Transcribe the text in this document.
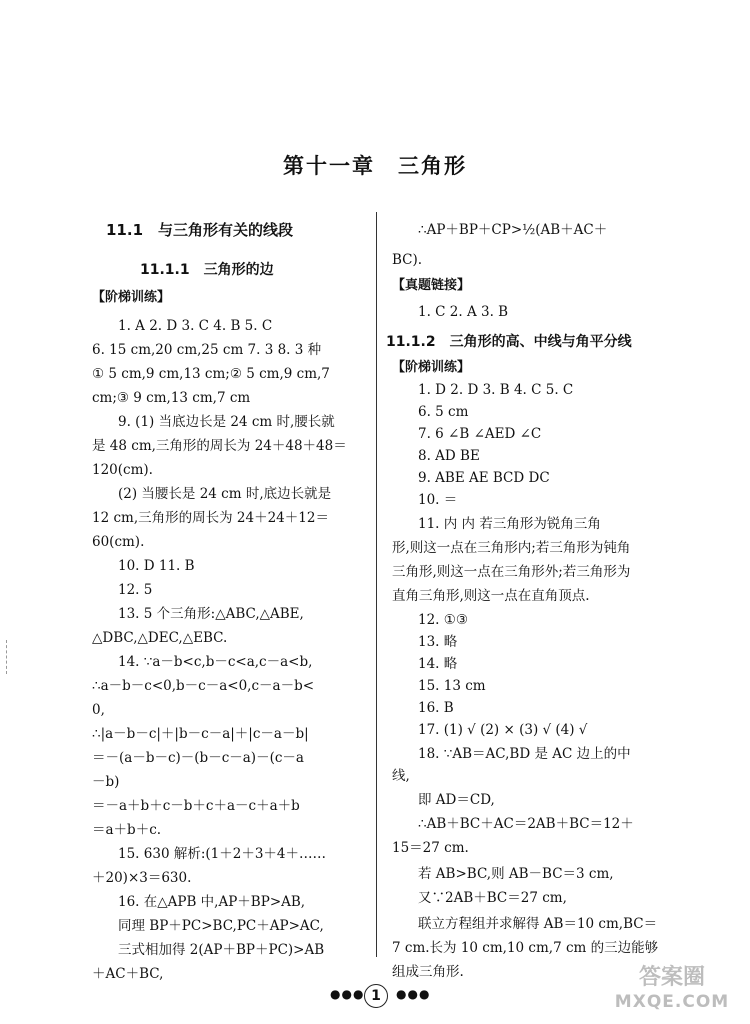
第十一章　三角形
11.1　与三角形有关的线段
11.1.1　三角形的边
【阶梯训练】
1. A 2. D 3. C 4. B 5. C
6. 15 cm,20 cm,25 cm 7. 3 8. 3 种
① 5 cm,9 cm,13 cm;② 5 cm,9 cm,7
cm;③ 9 cm,13 cm,7 cm
9. (1) 当底边长是 24 cm 时,腰长就
是 48 cm,三角形的周长为 24＋48＋48＝
120(cm).
(2) 当腰长是 24 cm 时,底边长就是
12 cm,三角形的周长为 24＋24＋12＝
60(cm).
10. D 11. B
12. 5
13. 5 个三角形:△ABC,△ABE,
△DBC,△DEC,△EBC.
14. ∵a－b<c,b－c<a,c－a<b,
∴a－b－c<0,b－c－a<0,c－a－b<
0,
∴|a－b－c|＋|b－c－a|＋|c－a－b|
＝－(a－b－c)－(b－c－a)－(c－a
－b)
＝－a＋b＋c－b＋c＋a－c＋a＋b
＝a＋b＋c.
15. 630 解析:(1＋2＋3＋4＋……
＋20)×3＝630.
16. 在△APB 中,AP＋BP>AB,
同理 BP＋PC>BC,PC＋AP>AC,
三式相加得 2(AP＋BP＋PC)>AB
＋AC＋BC,
∴AP＋BP＋CP>½(AB＋AC＋
BC).
【真题链接】
1. C 2. A 3. B
11.1.2　三角形的高、中线与角平分线
【阶梯训练】
1. D 2. D 3. B 4. C 5. C
6. 5 cm
7. 6 ∠B ∠AED ∠C
8. AD BE
9. ABE AE BCD DC
10. ＝
11. 内 内 若三角形为锐角三角
形,则这一点在三角形内;若三角形为钝角
三角形,则这一点在三角形外;若三角形为
直角三角形,则这一点在直角顶点.
12. ①③
13. 略
14. 略
15. 13 cm
16. B
17. (1) √ (2) × (3) √ (4) √
18. ∵AB＝AC,BD 是 AC 边上的中
线,
即 AD＝CD,
∴AB＋BC＋AC＝2AB＋BC＝12＋
15＝27 cm.
若 AB>BC,则 AB－BC＝3 cm,
又∵2AB＋BC＝27 cm,
联立方程组并求解得 AB＝10 cm,BC＝
7 cm.长为 10 cm,10 cm,7 cm 的三边能够
组成三角形.
●●● 1	●●●
答案圈
MXQE.COM
